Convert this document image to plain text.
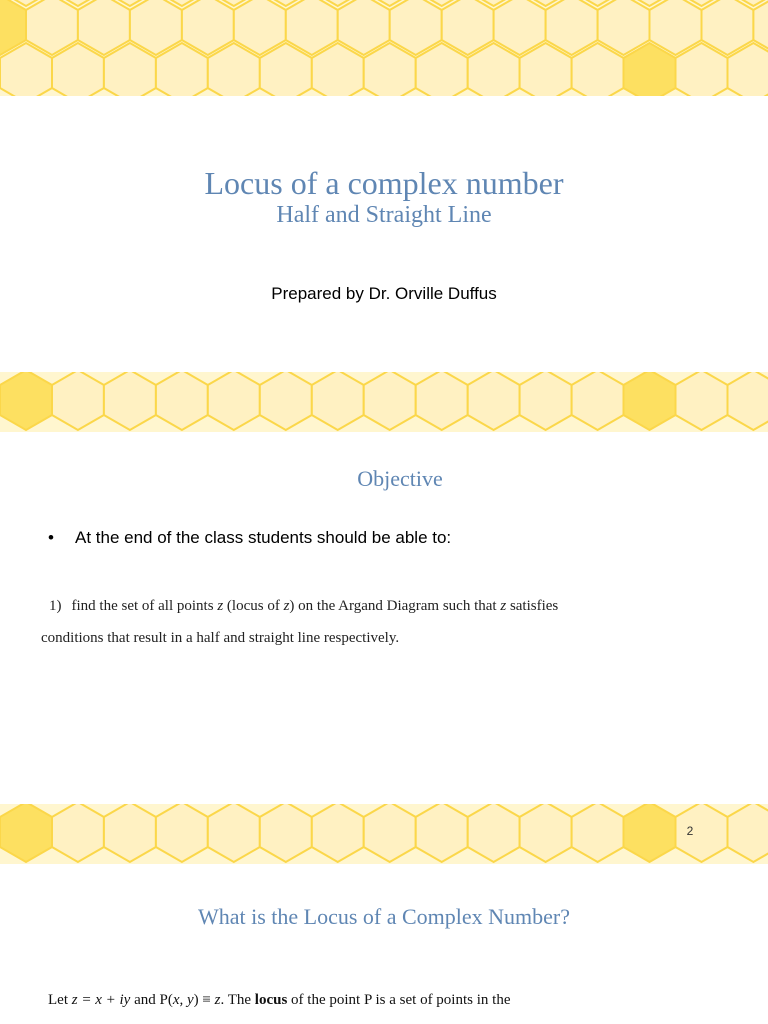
Locus of a complex number
Half and Straight Line
Prepared by Dr. Orville Duffus
Objective
•	At the end of the class students should be able to:
1) find the set of all points z (locus of z) on the Argand Diagram such that z satisfies
conditions that result in a half and straight line respectively.
2
What is the Locus of a Complex Number?
Let z = x + iy and P(x, y) ≡ z. The locus of the point P is a set of points in the
